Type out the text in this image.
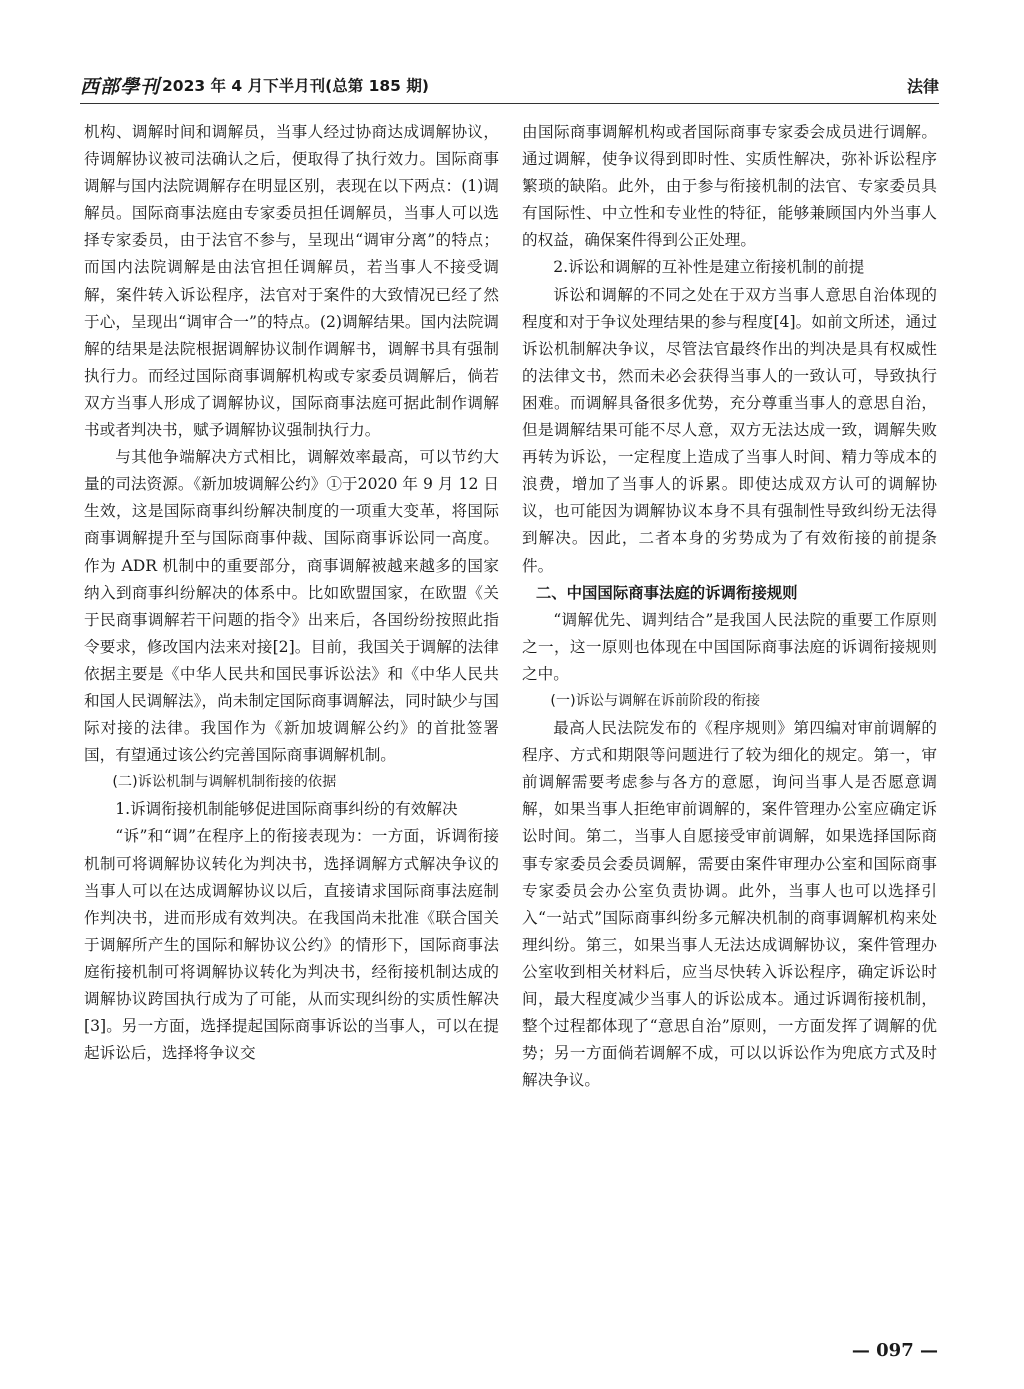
西部學刊 2023 年 4 月下半月刊(总第 185 期)	法律

机构、调解时间和调解员，当事人经过协商达成调解协议，待调解协议被司法确认之后，便取得了执行效力。国际商事调解与国内法院调解存在明显区别，表现在以下两点：(1)调解员。国际商事法庭由专家委员担任调解员，当事人可以选择专家委员，由于法官不参与，呈现出“调审分离”的特点；而国内法院调解是由法官担任调解员，若当事人不接受调解，案件转入诉讼程序，法官对于案件的大致情况已经了然于心，呈现出“调审合一”的特点。(2)调解结果。国内法院调解的结果是法院根据调解协议制作调解书，调解书具有强制执行力。而经过国际商事调解机构或专家委员调解后，倘若双方当事人形成了调解协议，国际商事法庭可据此制作调解书或者判决书，赋予调解协议强制执行力。

与其他争端解决方式相比，调解效率最高，可以节约大量的司法资源。《新加坡调解公约》①于2020 年 9 月 12 日生效，这是国际商事纠纷解决制度的一项重大变革，将国际商事调解提升至与国际商事仲裁、国际商事诉讼同一高度。作为 ADR 机制中的重要部分，商事调解被越来越多的国家纳入到商事纠纷解决的体系中。比如欧盟国家，在欧盟《关于民商事调解若干问题的指令》出来后，各国纷纷按照此指令要求，修改国内法来对接[2]。目前，我国关于调解的法律依据主要是《中华人民共和国民事诉讼法》和《中华人民共和国人民调解法》，尚未制定国际商事调解法，同时缺少与国际对接的法律。我国作为《新加坡调解公约》的首批签署国，有望通过该公约完善国际商事调解机制。

(二)诉讼机制与调解机制衔接的依据

1.诉调衔接机制能够促进国际商事纠纷的有效解决

“诉”和“调”在程序上的衔接表现为：一方面，诉调衔接机制可将调解协议转化为判决书，选择调解方式解决争议的当事人可以在达成调解协议以后，直接请求国际商事法庭制作判决书，进而形成有效判决。在我国尚未批准《联合国关于调解所产生的国际和解协议公约》的情形下，国际商事法庭衔接机制可将调解协议转化为判决书，经衔接机制达成的调解协议跨国执行成为了可能，从而实现纠纷的实质性解决[3]。另一方面，选择提起国际商事诉讼的当事人，可以在提起诉讼后，选择将争议交

由国际商事调解机构或者国际商事专家委会成员进行调解。通过调解，使争议得到即时性、实质性解决，弥补诉讼程序繁琐的缺陷。此外，由于参与衔接机制的法官、专家委员具有国际性、中立性和专业性的特征，能够兼顾国内外当事人的权益，确保案件得到公正处理。

2.诉讼和调解的互补性是建立衔接机制的前提

诉讼和调解的不同之处在于双方当事人意思自治体现的程度和对于争议处理结果的参与程度[4]。如前文所述，通过诉讼机制解决争议，尽管法官最终作出的判决是具有权威性的法律文书，然而未必会获得当事人的一致认可，导致执行困难。而调解具备很多优势，充分尊重当事人的意思自治，但是调解结果可能不尽人意，双方无法达成一致，调解失败再转为诉讼，一定程度上造成了当事人时间、精力等成本的浪费，增加了当事人的诉累。即使达成双方认可的调解协议，也可能因为调解协议本身不具有强制性导致纠纷无法得到解决。因此，二者本身的劣势成为了有效衔接的前提条件。

二、中国国际商事法庭的诉调衔接规则

“调解优先、调判结合”是我国人民法院的重要工作原则之一，这一原则也体现在中国国际商事法庭的诉调衔接规则之中。

(一)诉讼与调解在诉前阶段的衔接

最高人民法院发布的《程序规则》第四编对审前调解的程序、方式和期限等问题进行了较为细化的规定。第一，审前调解需要考虑参与各方的意愿，询问当事人是否愿意调解，如果当事人拒绝审前调解的，案件管理办公室应确定诉讼时间。第二，当事人自愿接受审前调解，如果选择国际商事专家委员会委员调解，需要由案件审理办公室和国际商事专家委员会办公室负责协调。此外，当事人也可以选择引入“一站式”国际商事纠纷多元解决机制的商事调解机构来处理纠纷。第三，如果当事人无法达成调解协议，案件管理办公室收到相关材料后，应当尽快转入诉讼程序，确定诉讼时间，最大程度减少当事人的诉讼成本。通过诉调衔接机制，整个过程都体现了“意思自治”原则，一方面发挥了调解的优势；另一方面倘若调解不成，可以以诉讼作为兜底方式及时解决争议。

— 097 —
